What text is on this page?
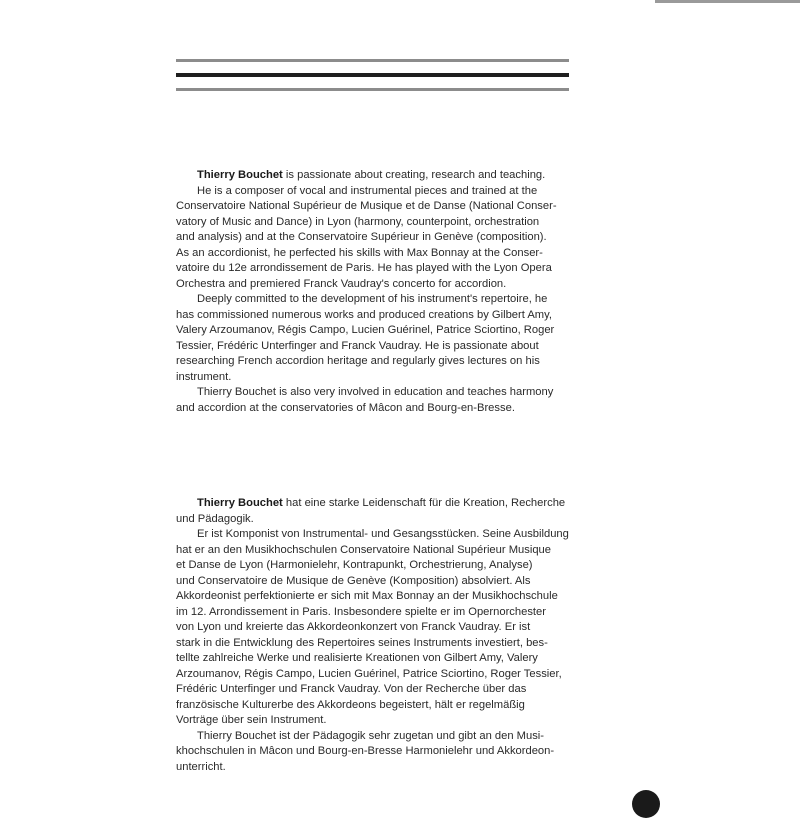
Thierry Bouchet is passionate about creating, research and teaching.
He is a composer of vocal and instrumental pieces and trained at the
Conservatoire National Supérieur de Musique et de Danse (National Conser-
vatory of Music and Dance) in Lyon (harmony, counterpoint, orchestration
and analysis) and at the Conservatoire Supérieur in Genève (composition).
As an accordionist, he perfected his skills with Max Bonnay at the Conser-
vatoire du 12e arrondissement de Paris. He has played with the Lyon Opera
Orchestra and premiered Franck Vaudray's concerto for accordion.
Deeply committed to the development of his instrument's repertoire, he
has commissioned numerous works and produced creations by Gilbert Amy,
Valery Arzoumanov, Régis Campo, Lucien Guérinel, Patrice Sciortino, Roger
Tessier, Frédéric Unterfinger and Franck Vaudray. He is passionate about
researching French accordion heritage and regularly gives lectures on his
instrument.
Thierry Bouchet is also very involved in education and teaches harmony
and accordion at the conservatories of Mâcon and Bourg-en-Bresse.
Thierry Bouchet hat eine starke Leidenschaft für die Kreation, Recherche
und Pädagogik.
Er ist Komponist von Instrumental- und Gesangsstücken. Seine Ausbildung
hat er an den Musikhochschulen Conservatoire National Supérieur Musique
et Danse de Lyon (Harmonielehr, Kontrapunkt, Orchestrierung, Analyse)
und Conservatoire de Musique de Genève (Komposition) absolviert. Als
Akkordeonist perfektionierte er sich mit Max Bonnay an der Musikhochschule
im 12. Arrondissement in Paris. Insbesondere spielte er im Opernorchester
von Lyon und kreierte das Akkordeonkonzert von Franck Vaudray. Er ist
stark in die Entwicklung des Repertoires seines Instruments investiert, bes-
tellte zahlreiche Werke und realisierte Kreationen von Gilbert Amy, Valery
Arzoumanov, Régis Campo, Lucien Guérinel, Patrice Sciortino, Roger Tessier,
Frédéric Unterfinger und Franck Vaudray. Von der Recherche über das
französische Kulturerbe des Akkordeons begeistert, hält er regelmäßig
Vorträge über sein Instrument.
Thierry Bouchet ist der Pädagogik sehr zugetan und gibt an den Musi-
khochschulen in Mâcon und Bourg-en-Bresse Harmonielehr und Akkordeon-
unterricht.
